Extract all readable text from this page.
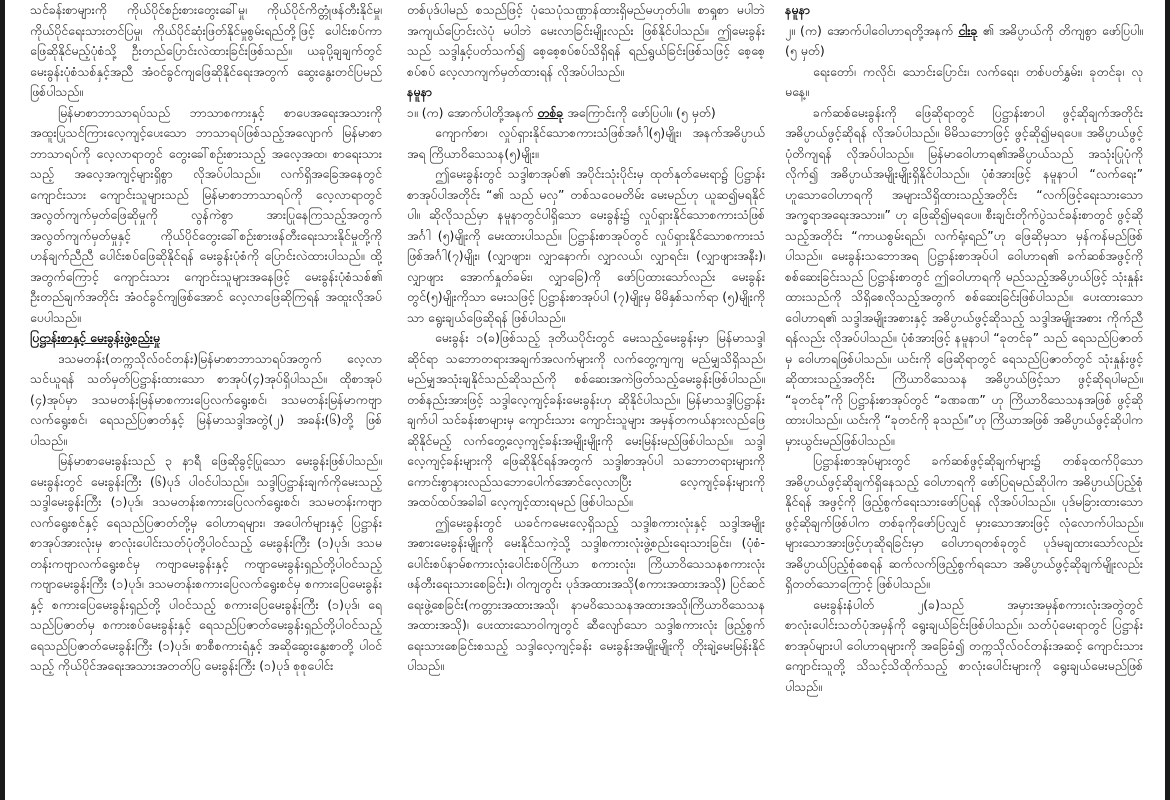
သင်ခန်းစာများကို ကိုယ်ပိုင်စဉ်းစားတွေးခေါ်မှု၊ ကိုယ်ပိုင်ကိတ္တုံဖန်တီးနိုင်မှု၊ ကိုယ်ပိုင်ရေးသားတင်ပြမှု၊ ကိုယ်ပိုင်ဆုံးဖြတ်နိုင်မှုစွမ်းရည်တို့ဖြင့် ပေါင်းစပ်ကာဖြေဆိုနိုင်မည့်ပုံစံသို့ ဦးတည်ပြောင်းလဲထားခြင်းဖြစ်သည်။ ယခုပို့ချချက်တွင် မေးခွန်းပုံစံသစ်နှင့်အညီ အံဝင်ခွင်ကျဖြေဆိုနိုင်ရေးအတွက် ဆွေးနွေးတင်ပြမည်ဖြစ်ပါသည်။

မြန်မာစာဘာသာရပ်သည် ဘာသာစကားနှင့် စာပေအရေးအသားကို အထူးပြုသင်ကြားလေ့ကျင့်ပေးသော ဘာသာရပ်ဖြစ်သည့်အလျောက် မြန်မာစာဘာသာရပ်ကို လေ့လာရာတွင် တွေးခေါ်စဉ်းစားသည့် အလေ့အထ၊ စာရေးသားသည့် အလေ့အကျင့်များရှိစွာ လိုအပ်ပါသည်။ လက်ရှိအခြေအနေတွင် ကျောင်းသား ကျောင်းသူများသည် မြန်မာစာဘာသာရပ်ကို လေ့လာရာတွင် အလွတ်ကျက်မှတ်ဖြေဆိုမှုကို လွန်ကဲစွာ အားပြုနေကြသည့်အတွက် အလွတ်ကျက်မှတ်မှုနှင့် ကိုယ်ပိုင်တွေးခေါ်စဉ်းစားဖန်တီးရေးသားနိုင်မှုတို့ကို ဟန်ချက်ညီညီ ပေါင်းစပ်ဖြေဆိုနိုင်ရန် မေးခွန်းပုံစံကို ပြောင်းလဲထားပါသည်။ ထို့အတွက်ကြောင့် ကျောင်းသား ကျောင်းသူများအနေဖြင့် မေးခွန်းပုံစံသစ်၏ ဦးတည်ချက်အတိုင်း အံဝင်ခွင်ကျဖြစ်အောင် လေ့လာဖြေဆိုကြရန် အထူးလိုအပ်ပေပါသည်။

ပြဋ္ဌာန်းစာနှင့် မေးခွန်းဖွဲ့စည်းမှု

ဒသမတန်း(တက္ကသိုလ်ဝင်တန်း)မြန်မာစာဘာသာရပ်အတွက် လေ့လာသင်ယူရန် သတ်မှတ်ပြဋ္ဌာန်းထားသော စာအုပ်(၄)အုပ်ရှိပါသည်။ ထိုစာအုပ် (၄)အုပ်မှာ ဒသမတန်းမြန်မာစကားပြေလက်ရွေးစင်၊ ဒသမတန်းမြန်မာကဗျာလက်ရွေးစင်၊ ရေသည်ပြဇာတ်နှင့် မြန်မာသဒ္ဒါအတွဲ(၂) အခန်း(၆)တို့ ဖြစ်ပါသည်။

မြန်မာစာမေးခွန်းသည် ၃ နာရီ ဖြေဆိုခွင့်ပြုသော မေးခွန်းဖြစ်ပါသည်။ မေးခွန်းတွင် မေးခွန်းကြီး (၆)ပုဒ် ပါဝင်ပါသည်။ သဒ္ဒါပြဋ္ဌာန်းချက်ကိုမေးသည့် သဒ္ဒါမေးခွန်းကြီး (၁)ပုဒ်၊ ဒသမတန်းစကားပြေလက်ရွေးစင်၊ ဒသမတန်းကဗျာလက်ရွေးစင်နှင့် ရေသည်ပြဇာတ်တို့မှ ဝေါဟာရများ၊ အပေါက်များနှင့် ပြဋ္ဌာန်းစာအုပ်အားလုံးမှ စာလုံးပေါင်းသတ်ပုံတို့ပါဝင်သည့် မေးခွန်းကြီး (၁)ပုဒ်၊ ဒသမတန်းကဗျာလက်ရွေးစင်မှ ကဗျာမေးခွန်းနှင့် ကဗျာမေးခွန်းရှည်တို့ပါဝင်သည့် ကဗျာမေးခွန်းကြီး (၁)ပုဒ်၊ ဒသမတန်းစကားပြေလက်ရွေးစင်မှ စကားပြေမေးခွန်းနှင့် စကားပြေမေးခွန်းရှည်တို့ ပါဝင်သည့် စကားပြေမေးခွန်းကြီး (၁)ပုဒ်၊ ရေသည်ပြဇာတ်မှ စကားစပ်မေးခွန်းနှင့် ရေသည်ပြဇာတ်မေးခွန်းရှည်တို့ပါဝင်သည့် ရေသည်ပြဇာတ်မေးခွန်းကြီး (၁)ပုဒ်၊ စာစီစကားရံနှင့် အဆိုဆွေးနွေးစာတို့ ပါဝင်သည့် ကိုယ်ပိုင်အရေးအသားအတတ်ပြ မေးခွန်းကြီး (၁)ပုဒ် စုစုပေါင်း

တစ်ပုဒ်ပါမည် စသည်ဖြင့် ပုံသေပုံသဏ္ဌာန်ထားရှိမည်မဟုတ်ပါ။ စာရှုစာ မပါဘဲ အကျယ်ပြောင်းလဲပုံ မပါဘဲ မေးလာခြင်းမျိုးလည်း ဖြစ်နိုင်ပါသည်။ ဤမေးခွန်းသည် သဒ္ဒါနှင့်ပတ်သက်၍ စေ့စေ့စပ်စပ်သိရှိရန် ရည်ရွယ်ခြင်းဖြစ်သဖြင့် စေ့စေ့စပ်စပ် လေ့လာကျက်မှတ်ထားရန် လိုအပ်ပါသည်။

နမူနာ

၁။ (က) အောက်ပါတို့အနက် တစ်ခု အကြောင်းကို ဖော်ပြပါ။ (၅ မှတ်)

ကျောက်စာ၊ လှုပ်ရှားနိုင်သောစကားသံဖြစ်အင်္ဂါ(၅)မျိုး၊ အနက်အဓိပ္ပာယ်အရ ကြိယာဝိသေသန(၅)မျိုး။

ဤမေးခွန်းတွင် သဒ္ဒါစာအုပ်၏ အပိုင်းသုံးပိုင်းမှ ထုတ်နုတ်မေးရာ၌ ပြဋ္ဌာန်းစာအုပ်ပါအတိုင်း “၏ သည် မလှ” တစ်သဝေမတိမ်း မေးမည်ဟု ယူဆ၍မရနိုင်ပါ။ ဆိုလိုသည်မှာ နမူနာတွင်ပါရှိသော မေးခွန်း၌ လှုပ်ရှားနိုင်သောစကားသံဖြစ်အင်္ဂါ (၅)မျိုးကို မေးထားပါသည်။ ပြဋ္ဌာန်းစာအုပ်တွင် လှုပ်ရှားနိုင်သောစကားသံဖြစ်အင်္ဂါ(၇)မျိုး၊ (လျှာဖျား၊ လျှာနောက်၊ လျှာလယ်၊ လျှာရင်း၊ (လျှာဖျားအနီး)၊ လျှာဖျား အောက်နှုတ်ခမ်း၊ လျှာခြေ)ကို ဖော်ပြထားသော်လည်း မေးခွန်းတွင်(၅)မျိုးကိုသာ မေးသဖြင့် ပြဋ္ဌာန်းစာအုပ်ပါ (၇)မျိုးမှ မိမိနှစ်သက်ရာ (၅)မျိုးကိုသာ ရွေးချယ်ဖြေဆိုရန် ဖြစ်ပါသည်။

မေးခွန်း ၁(ခ)ဖြစ်သည့် ဒုတိယပိုင်းတွင် မေးသည့်မေးခွန်းမှာ မြန်မာသဒ္ဒါဆိုင်ရာ သဘောတရားအချက်အလက်များကို လက်တွေ့ကျကျ မည်မျှသိရှိသည်၊ မည်မျှအသုံးချနိုင်သည်ဆိုသည်ကို စစ်ဆေးအကဲဖြတ်သည့်မေးခွန်းဖြစ်ပါသည်။ တစ်နည်းအားဖြင့် သဒ္ဒါလေ့ကျင့်ခန်းမေးခွန်းဟု ဆိုနိုင်ပါသည်။ မြန်မာသဒ္ဒါပြဋ္ဌာန်းချက်ပါ သင်ခန်းစာများမှ ကျောင်းသား ကျောင်းသူများ အမှန်တကယ်နားလည်ဖြေဆိုနိုင်မည့် လက်တွေ့လေ့ကျင့်ခန်းအမျိုးမျိုးကို မေးမြန်းမည်ဖြစ်ပါသည်။ သဒ္ဒါလေ့ကျင့်ခန်းများကို ဖြေဆိုနိုင်ရန်အတွက် သဒ္ဒါစာအုပ်ပါ သဘောတရားများကို ကောင်းစွာနားလည်သဘောပေါက်အောင်လေ့လာပြီး လေ့ကျင့်ခန်းများကို အထပ်ထပ်အခါခါ လေ့ကျင့်ထားရမည် ဖြစ်ပါသည်။

ဤမေးခွန်းတွင် ယခင်ကမေးလေ့ရှိသည့် သဒ္ဒါစကားလုံးနှင့် သဒ္ဒါအမျိုးအစားမေးခွန်းမျိုးကို မေးနိုင်သကဲ့သို့ သဒ္ဒါစကားလုံးဖွဲ့စည်းရေးသားခြင်း၊ (ပုံစံ-ပေါင်းစပ်နာမ်စကားလုံးပေါင်းစပ်ကြိယာ စကားလုံး၊ ကြိယာဝိသေသနစကားလုံး ဖန်တီးရေးသားစေခြင်း)၊ ဝါကျတွင်း ပုဒ်အထားအသို(စကားအထားအသို) ပြင်ဆင်ရေးဖွဲ့စေခြင်း(ကတ္တားအထားအသို၊ နာမဝိသေသနအထားအသို၊ကြိယာဝိသေသနအထားအသို)၊ ပေးထားသောဝါကျတွင် ဆီလျော်သော သဒ္ဒါစကားလုံး ဖြည့်စွက်ရေးသားစေခြင်းစသည့် သဒ္ဒါလေ့ကျင့်ခန်း မေးခွန်းအမျိုးမျိုးကို တိုးချဲ့မေးမြန်းနိုင်ပါသည်။

နမူနာ

၂။ (က) အောက်ပါဝေါဟာရတို့အနက် ငါးခု ၏ အဓိပ္ပာယ်ကို တိကျစွာ ဖော်ပြပါ။ (၅ မှတ်)

ရေးတော်၊ ကလိုင်၊ သောင်းပြောင်း၊ လက်ရေး၊ တစ်ပတ်နွှမ်း၊ ခုတင်ခု၊ လုမနေ့။

ခက်ဆစ်မေးခွန်းကို ဖြေဆိုရာတွင် ပြဋ္ဌာန်းစာပါ ဖွင့်ဆိုချက်အတိုင်း အဓိပ္ပာယ်ဖွင့်ဆိုရန် လိုအပ်ပါသည်။ မိမိသဘောဖြင့် ဖွင့်ဆို၍မရပေ။ အဓိပ္ပာယ်ဖွင့်ပုံတိကျရန် လိုအပ်ပါသည်။ မြန်မာဝေါဟာရ၏အဓိပ္ပာယ်သည် အသုံးပြုပုံကိုလိုက်၍ အဓိပ္ပာယ်အမျိုးမျိုးရှိနိုင်ပါသည်။ ပုံစံအားဖြင့် နမူနာပါ “လက်ရေး” ဟူသောဝေါဟာရကို အများသိရှိထားသည့်အတိုင်း “လက်ဖြင့်ရေးသားသော အက္ခရာအရေးအသား။” ဟု ဖြေဆို၍မရပေ။ စီးချင်းတိုက်ပွဲသင်ခန်းစာတွင် ဖွင့်ဆိုသည့်အတိုင်း “ကာယစွမ်းရည်၊ လက်ရုံးရည်”ဟု ဖြေဆိုမှသာ မှန်ကန်မည်ဖြစ်ပါသည်။ မေးခွန်းသဘောအရ ပြဋ္ဌာန်းစာအုပ်ပါ ဝေါဟာရ၏ ခက်ဆစ်အဖွင့်ကို စစ်ဆေးခြင်းသည် ပြဋ္ဌာန်းစာတွင် ဤဝေါဟာရကို မည်သည့်အဓိပ္ပာယ်ဖြင့် သုံးနှုန်းထားသည်ကို သိရှိစေလိုသည့်အတွက် စစ်ဆေးခြင်းဖြစ်ပါသည်။ ပေးထားသောဝေါဟာရ၏ သဒ္ဒါအမျိုးအစားနှင့် အဓိပ္ပာယ်ဖွင့်ဆိုသည့် သဒ္ဒါအမျိုးအစား ကိုက်ညီရန်လည်း လိုအပ်ပါသည်။ ပုံစံအားဖြင့် နမူနာပါ “ခုတင်ခု” သည် ရေသည်ပြဇာတ်မှ ဝေါဟာရဖြစ်ပါသည်။ ယင်းကို ဖြေဆိုရာတွင် ရေသည်ပြဇာတ်တွင် သုံးနှုန်းဖွင့်ဆိုထားသည့်အတိုင်း ကြိယာဝိသေသန အဓိပ္ပာယ်ဖြင့်သာ ဖွင့်ဆိုရပါမည်။ “ခုတင်ခု”ကို ပြဋ္ဌာန်းစာအုပ်တွင် “ခဏခဏ” ဟု ကြိယာဝိသေသနအဖြစ် ဖွင့်ဆိုထားပါသည်။ ယင်းကို “ခုတင်ကို ခုသည်။”ဟု ကြိယာအဖြစ် အဓိပ္ပာယ်ဖွင့်ဆိုပါက မှားယွင်းမည်ဖြစ်ပါသည်။

ပြဋ္ဌာန်းစာအုပ်များတွင် ခက်ဆစ်ဖွင့်ဆိုချက်များ၌ တစ်ခုထက်ပိုသော အဓိပ္ပာယ်ဖွင့်ဆိုချက်ရှိနေသည့် ဝေါဟာရကို ဖော်ပြရမည်ဆိုပါက အဓိပ္ပာယ်ပြည့်စုံနိုင်ရန် အဖွင့်ကို ဖြည့်စွက်ရေးသားဖော်ပြရန် လိုအပ်ပါသည်။ ပုဒ်မခြားထားသော ဖွင့်ဆိုချက်ဖြစ်ပါက တစ်ခုကိုဖော်ပြလျှင် မှားသောအားဖြင့် လုံလောက်ပါသည်။ များသောအားဖြင့်ဟုဆိုရခြင်းမှာ ဝေါဟာရတစ်ခုတွင် ပုဒ်မချထားသော်လည်း အဓိပ္ပာယ်ပြည့်စုံစေရန် ဆက်လက်ဖြည့်စွက်ရသော အဓိပ္ပာယ်ဖွင့်ဆိုချက်မျိုးလည်း ရှိတတ်သောကြောင့် ဖြစ်ပါသည်။

မေးခွန်းနံပါတ် ၂(ခ)သည် အမှားအမှန်စကားလုံးအတွဲတွင် စာလုံးပေါင်းသတ်ပုံအမှန်ကို ရွေးချယ်ခြင်းဖြစ်ပါသည်။ သတ်ပုံမေးရာတွင် ပြဋ္ဌာန်းစာအုပ်များပါ ဝေါဟာရများကို အခြေခံ၍ တက္ကသိုလ်ဝင်တန်းအဆင့် ကျောင်းသား ကျောင်းသူတို့ သိသင့်သိထိုက်သည့် စာလုံးပေါင်းများကို ရွေးချယ်မေးမည်ဖြစ်ပါသည်။
